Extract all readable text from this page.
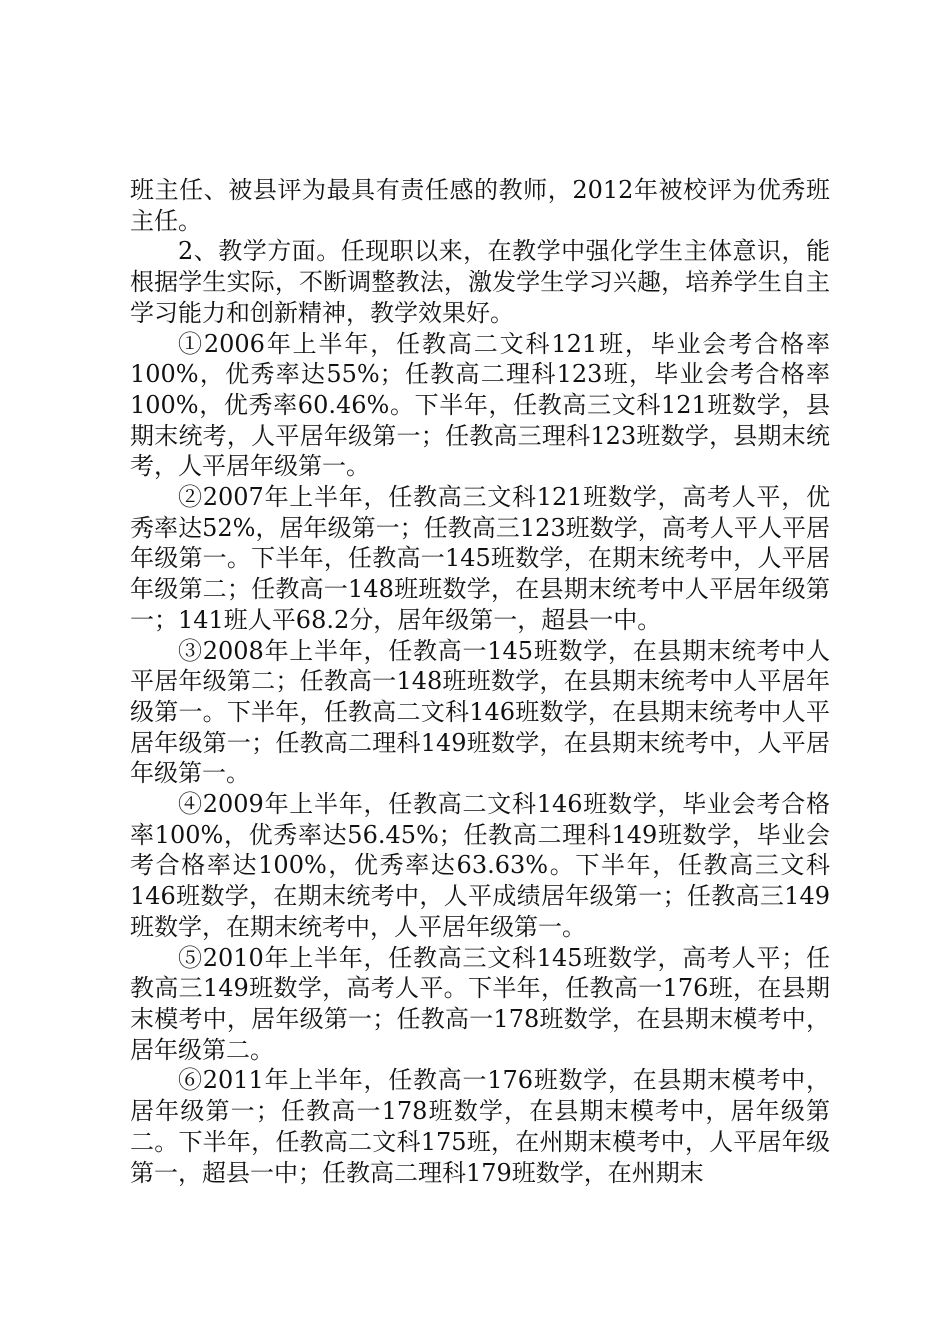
班主任、被县评为最具有责任感的教师，2012年被校评为优秀班主任。

2、教学方面。任现职以来，在教学中强化学生主体意识，能根据学生实际，不断调整教法，激发学生学习兴趣，培养学生自主学习能力和创新精神，教学效果好。

①2006年上半年，任教高二文科121班，毕业会考合格率100%，优秀率达55%；任教高二理科123班，毕业会考合格率100%，优秀率60.46%。下半年，任教高三文科121班数学，县期末统考，人平居年级第一；任教高三理科123班数学，县期末统考，人平居年级第一。

②2007年上半年，任教高三文科121班数学，高考人平，优秀率达52%，居年级第一；任教高三123班数学，高考人平人平居年级第一。下半年，任教高一145班数学，在期末统考中，人平居年级第二；任教高一148班班数学，在县期末统考中人平居年级第一；141班人平68.2分，居年级第一，超县一中。

③2008年上半年，任教高一145班数学，在县期末统考中人平居年级第二；任教高一148班班数学，在县期末统考中人平居年级第一。下半年，任教高二文科146班数学，在县期末统考中人平居年级第一；任教高二理科149班数学，在县期末统考中，人平居年级第一。

④2009年上半年，任教高二文科146班数学，毕业会考合格率100%，优秀率达56.45%；任教高二理科149班数学，毕业会考合格率达100%，优秀率达63.63%。下半年，任教高三文科146班数学，在期末统考中，人平成绩居年级第一；任教高三149班数学，在期末统考中，人平居年级第一。

⑤2010年上半年，任教高三文科145班数学，高考人平；任教高三149班数学，高考人平。下半年，任教高一176班，在县期末模考中，居年级第一；任教高一178班数学，在县期末模考中，居年级第二。

⑥2011年上半年，任教高一176班数学，在县期末模考中，居年级第一；任教高一178班数学，在县期末模考中，居年级第二。下半年，任教高二文科175班，在州期末模考中，人平居年级第一，超县一中；任教高二理科179班数学，在州期末
